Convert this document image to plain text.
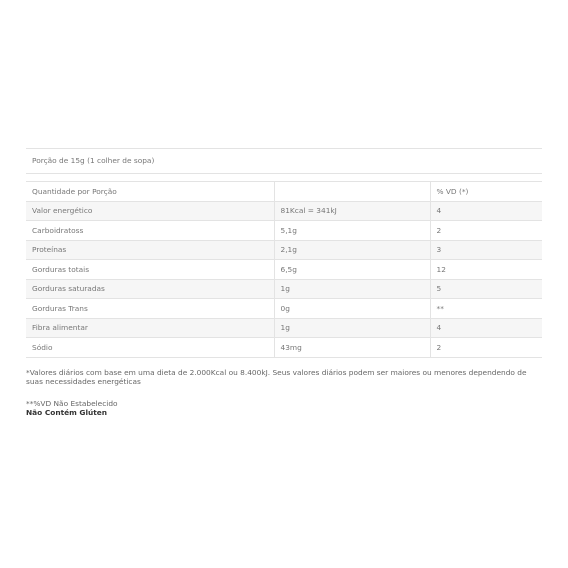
Porção de 15g (1 colher de sopa)
Quantidade por Porção		% VD (*)
Valor energético	81Kcal = 341kJ	4
Carboidratoss	5,1g	2
Proteínas	2,1g	3
Gorduras totais	6,5g	12
Gorduras saturadas	1g	5
Gorduras Trans	0g	**
Fibra alimentar	1g	4
Sódio	43mg	2
*Valores diários com base em uma dieta de 2.000Kcal ou 8.400kJ. Seus valores diários podem ser maiores ou menores dependendo de suas necessidades energéticas
**%VD Não Estabelecido
Não Contém Glúten
